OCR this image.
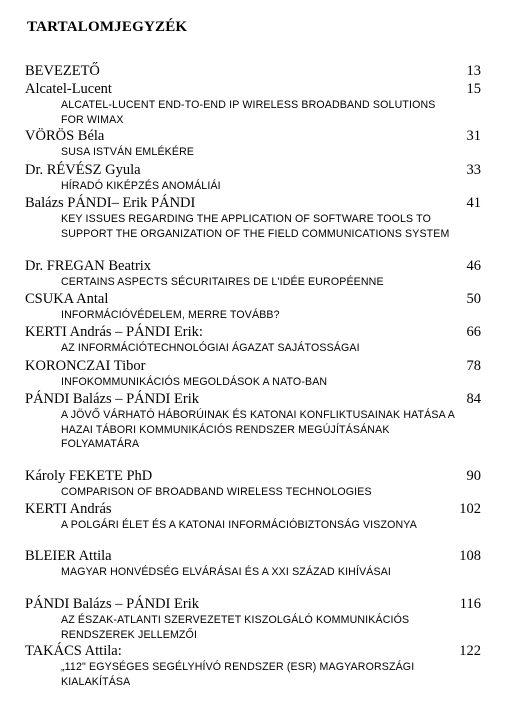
TARTALOMJEGYZÉK
BEVEZETŐ	13
Alcatel-Lucent	15
ALCATEL-LUCENT END-TO-END IP WIRELESS BROADBAND SOLUTIONS FOR WIMAX
VÖRÖS Béla	31
SUSA ISTVÁN EMLÉKÉRE
Dr. RÉVÉSZ Gyula	33
HÍRADÓ KIKÉPZÉS ANOMÁLIÁI
Balázs PÁNDI– Erik PÁNDI	41
KEY ISSUES REGARDING THE APPLICATION OF SOFTWARE TOOLS TO SUPPORT THE ORGANIZATION OF THE FIELD COMMUNICATIONS SYSTEM
Dr. FREGAN Beatrix	46
CERTAINS ASPECTS SÉCURITAIRES DE L'IDÉE EUROPÉENNE
CSUKA Antal	50
INFORMÁCIÓVÉDELEM, MERRE TOVÁBB?
KERTI András – PÁNDI Erik:	66
AZ INFORMÁCIÓTECHNOLÓGIAI ÁGAZAT SAJÁTOSSÁGAI
KORONCZAI Tibor	78
INFOKOMMUNIKÁCIÓS MEGOLDÁSOK A NATO-BAN
PÁNDI Balázs – PÁNDI Erik	84
A JÖVŐ VÁRHATÓ HÁBORÚINAK ÉS KATONAI KONFLIKTUSAINAK HATÁSA A HAZAI TÁBORI KOMMUNIKÁCIÓS RENDSZER MEGÚJÍTÁSÁNAK FOLYAMATÁRA
Károly FEKETE PhD	90
COMPARISON OF BROADBAND WIRELESS TECHNOLOGIES
KERTI András	102
A POLGÁRI ÉLET ÉS A KATONAI INFORMÁCIÓBIZTONSÁG VISZONYA
BLEIER Attila	108
MAGYAR HONVÉDSÉG ELVÁRÁSAI ÉS A XXI SZÁZAD KIHÍVÁSAI
PÁNDI Balázs – PÁNDI Erik	116
AZ ÉSZAK-ATLANTI SZERVEZETET KISZOLGÁLÓ KOMMUNIKÁCIÓS RENDSZEREK JELLEMZŐI
TAKÁCS Attila:	122
„112" EGYSÉGES SEGÉLYHÍVÓ RENDSZER (ESR) MAGYARORSZÁGI KIALAKÍTÁSA
